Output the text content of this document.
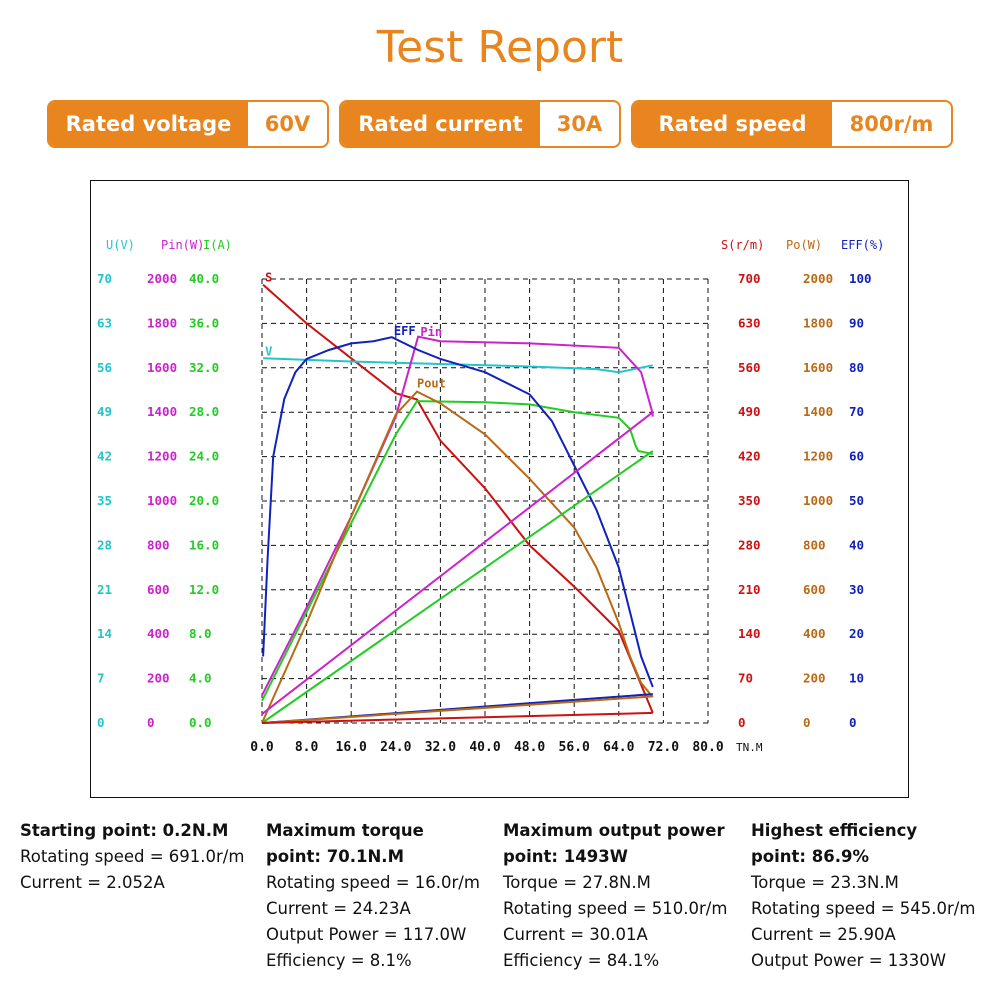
Test Report
Rated voltage	60V	Rated current	30A	Rated speed	800r/m
U(V)
70
63
56
49
42
35
28
21
14
7
0
Pin(W)
2000
1800
1600
1400
1200
1000
800
600
400
200
0
I(A)
40.0
36.0
32.0
28.0
24.0
20.0
16.0
12.0
8.0
4.0
0.0
S(r/m)
700
630
560
490
420
350
280
210
140
70
0
Po(W)
2000
1800
1600
1400
1200
1000
800
600
400
200
0
EFF(%)
100
90
80
70
60
50
40
30
20
10
0
0.0 8.0 16.0 24.0 32.0 40.0 48.0 56.0 64.0 72.0 80.0 TN.M
S
V
Pin
Pout
EFF
Starting point: 0.2N.M
Rotating speed = 691.0r/m
Current = 2.052A
Maximum torque
point: 70.1N.M
Rotating speed = 16.0r/m
Current = 24.23A
Output Power = 117.0W
Efficiency = 8.1%
Maximum output power
point: 1493W
Torque = 27.8N.M
Rotating speed = 510.0r/m
Current = 30.01A
Efficiency = 84.1%
Highest efficiency
point: 86.9%
Torque = 23.3N.M
Rotating speed = 545.0r/m
Current = 25.90A
Output Power = 1330W
